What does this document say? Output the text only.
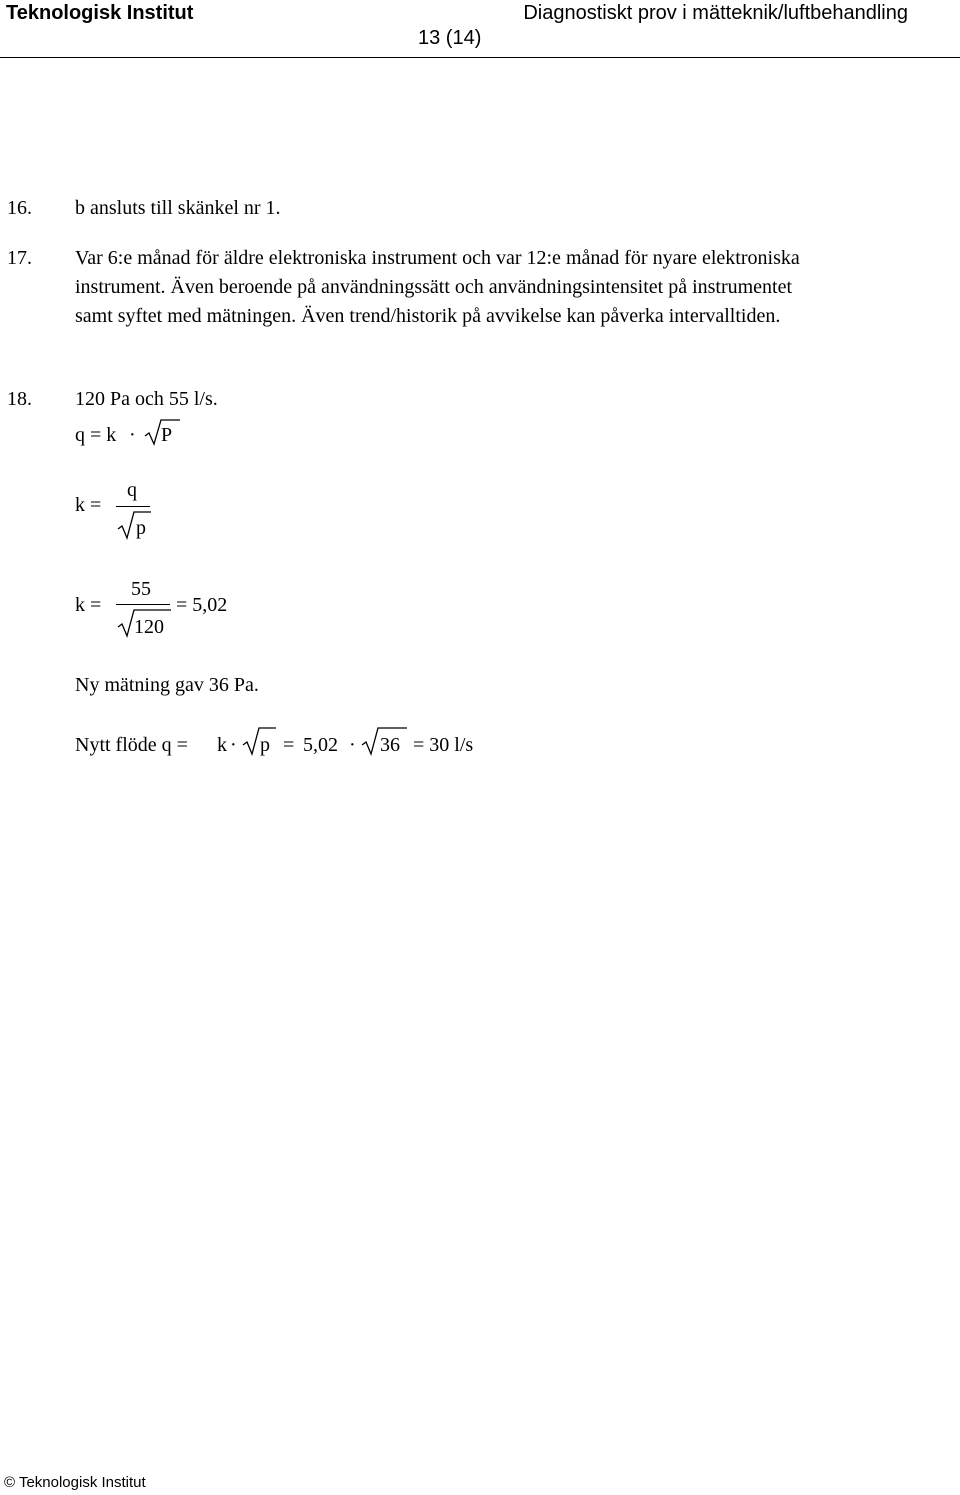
Teknologisk Institut	Diagnostiskt prov i mätteknik/luftbehandling
13 (14)
16. b ansluts till skänkel nr 1.
17. Var 6:e månad för äldre elektroniska instrument och var 12:e månad för nyare elektroniska
instrument. Även beroende på användningssätt och användningsintensitet på instrumentet
samt syftet med mätningen. Även trend/historik på avvikelse kan påverka intervalltiden.
18. 120 Pa och 55 l/s.
q = k · P
k =
q
p
k =
55
120
= 5,02
Ny mätning gav 36 Pa.
Nytt flöde q = k · p = 5,02 · 36 = 30 l/s
© Teknologisk Institut
